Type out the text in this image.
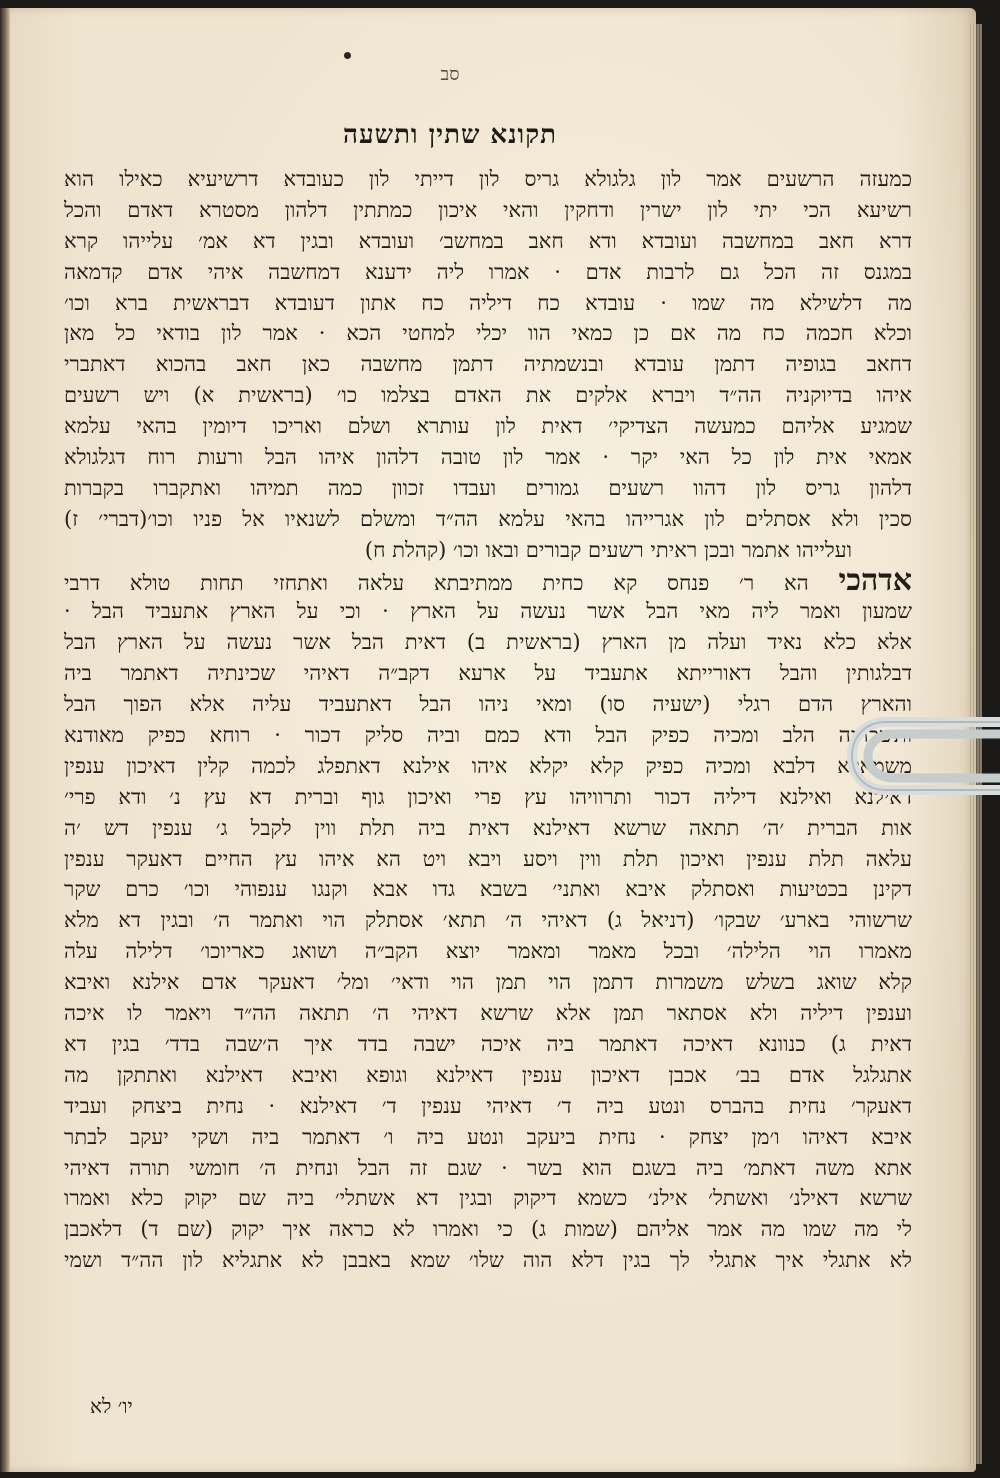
סב
תקונא שתין ותשעה
כמעזה הרשעים אמר לון גלגולא גריס לון דייתי לון כעובדא דרשיעיא כאילו הוא
רשיעא הכי יתי לון ישרין ודחקין והאי איכון כמתתין דלהון מסטרא דאדם והכל
דרא חאב במחשבה ועובדא ודא חאב במחשב׳ ועובדא ובגין דא אמ׳ עלייהו קרא
במגנס זה הכל גם לרבות אדם · אמרו ליה ידענא דמחשבה איהי אדם קדמאה
מה דלשילא מה שמו · עובדא כח דיליה כח אתון דעובדא דבראשית ברא וכו׳
וכלא חכמה כח מה אם כן כמאי הוו יכלי למחטי הכא · אמר לון בודאי כל מאן
דחאב בגופיה דתמן עובדא ובנשמתיה דתמן מחשבה כאן חאב בהכוא דאתברי
איהו בדיוקניה הה״ד ויברא אלקים את האדם בצלמו כו׳ (בראשית א) ויש רשעים
שמגיע אליהם כמעשה הצדיקי׳ דאית לון עותרא ושלם ואריכו דיומין בהאי עלמא
אמאי אית לון כל האי יקר · אמר לון טובה דלהון איהו הבל ורעות רוח דגלגולא
דלהון גריס לון דהוו רשעים גמורים ועבדו זכוון כמה תמיהו ואתקברו בקברות
סכין ולא אסתלים לון אגרייהו בהאי עלמא הה״ד ומשלם לשנאיו אל פניו וכו׳(דברי׳ ז)
ועלייהו אתמר ובכן ראיתי רשעים קבורים ובאו וכו׳ (קהלת ח)
אדהכי הא ר׳ פנחס קא כחית ממתיבתא עלאה ואתחזי תחות טולא דרבי
שמעון ואמר ליה מאי הבל אשר נעשה על הארץ · וכי על הארץ אתעביד הבל ·
אלא כלא נאיד ועלה מן הארץ (בראשית ב) דאית הבל אשר נעשה על הארץ הבל
דבלגותין והבל דאורייתא אתעביד על ארעא דקב״ה דאיהי שכינתיה דאתמר ביה
והארץ הדם רגלי (ישעיה סו) ומאי ניהו הבל דאתעביד עליה אלא הפוך הבל
ותשכחיה הלב ומכיה כפיק הבל ודא כמם וביה סליק דכור · רוחא כפיק מאודנא
משמאלא דלבא ומכיה כפיק קלא יקלא איהו אילנא דאתפלג לכמה קלין דאיכון ענפין
דאילנא ואילנא דיליה דכור ותרוויהו עץ פרי ואיכון גוף וברית דא עץ נ׳ ודא פרי׳
אות הברית ׳ה׳ תתאה שרשא דאילנא דאית ביה תלת ווין לקבל ג׳ ענפין דש ׳ה
עלאה תלת ענפין ואיכון תלת ווין ויסע ויבא ויט הא איהו עץ החיים דאעקר ענפין
דקינן בכטיעות ואסתלק איבא ואתני׳ בשבא גדו אבא וקנגו ענפוהי וכו׳ כרם שקר
שרשוהי בארע׳ שבקו׳ (דניאל ג) דאיהי ה׳ תתא׳ אסתלק הוי ואתמר ה׳ ובגין דא מלא
מאמרו הוי הלילה׳ ובכל מאמר ומאמר יוצא הקב״ה ושואג כאריוכו׳ דלילה עלה
קלא שואג בשלש משמרות דתמן הוי תמן הוי ודאי׳ ומל׳ דאעקר אדם אילנא ואיבא
וענפין דיליה ולא אסתאר תמן אלא שרשא דאיהי ה׳ תתאה הה״ד ויאמר לו איכה
דאית ג) כנוונא דאיכה דאתמר ביה איכה ישבה בדד איך ה׳שבה בדד׳ בגין דא
אתגלגל אדם בב׳ אכבן דאיכון ענפין דאילנא וגופא ואיבא דאילנא ואתתקן מה
דאעקר׳ נחית בהברס ונטע ביה ד׳ דאיהי ענפין ד׳ דאילנא · נחית ביצחק ועביד
איבא דאיהו ו׳מן יצחק · נחית ביעקב ונטע ביה ו׳ דאתמר ביה ושקי יעקב לבתר
אתא משה דאתמ׳ ביה בשגם הוא בשר · שגם זה הבל ונחית ה׳ חומשי תורה דאיהי
שרשא דאילנ׳ ואשתל׳ אילנ׳ כשמא דיקוק ובגין דא אשתלי׳ ביה שם יקוק כלא ואמרו
לי מה שמו מה אמר אליהם (שמות ג) כי ואמרו לא כראה איך יקוק (שם ד) דלאכבן
לא אתגלי איך אתגלי לך בגין דלא הוה שלו׳ שמא באבבן לא אתגליא לון הה״ד ושמי
יו׳ לא
